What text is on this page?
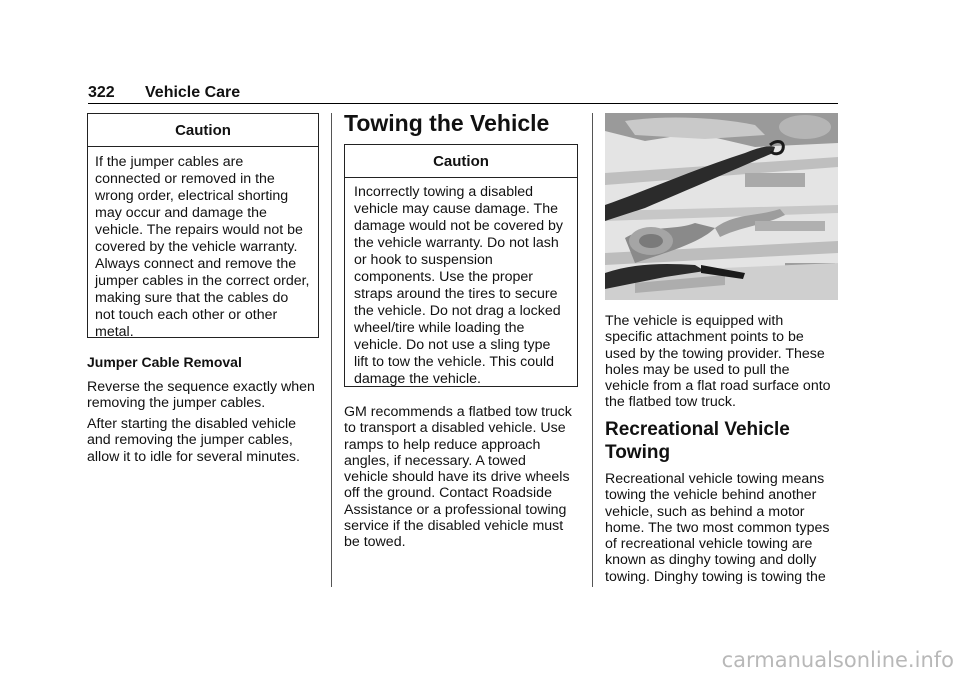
322 Vehicle Care
Caution
If the jumper cables are
connected or removed in the
wrong order, electrical shorting
may occur and damage the
vehicle. The repairs would not be
covered by the vehicle warranty.
Always connect and remove the
jumper cables in the correct order,
making sure that the cables do
not touch each other or other
metal.
Jumper Cable Removal
Reverse the sequence exactly when
removing the jumper cables.
After starting the disabled vehicle
and removing the jumper cables,
allow it to idle for several minutes.
Towing the Vehicle
Caution
Incorrectly towing a disabled
vehicle may cause damage. The
damage would not be covered by
the vehicle warranty. Do not lash
or hook to suspension
components. Use the proper
straps around the tires to secure
the vehicle. Do not drag a locked
wheel/tire while loading the
vehicle. Do not use a sling type
lift to tow the vehicle. This could
damage the vehicle.
GM recommends a flatbed tow truck
to transport a disabled vehicle. Use
ramps to help reduce approach
angles, if necessary. A towed
vehicle should have its drive wheels
off the ground. Contact Roadside
Assistance or a professional towing
service if the disabled vehicle must
be towed.
The vehicle is equipped with
specific attachment points to be
used by the towing provider. These
holes may be used to pull the
vehicle from a flat road surface onto
the flatbed tow truck.
Recreational Vehicle
Towing
Recreational vehicle towing means
towing the vehicle behind another
vehicle, such as behind a motor
home. The two most common types
of recreational vehicle towing are
known as dinghy towing and dolly
towing. Dinghy towing is towing the
carmanualsonline.info
